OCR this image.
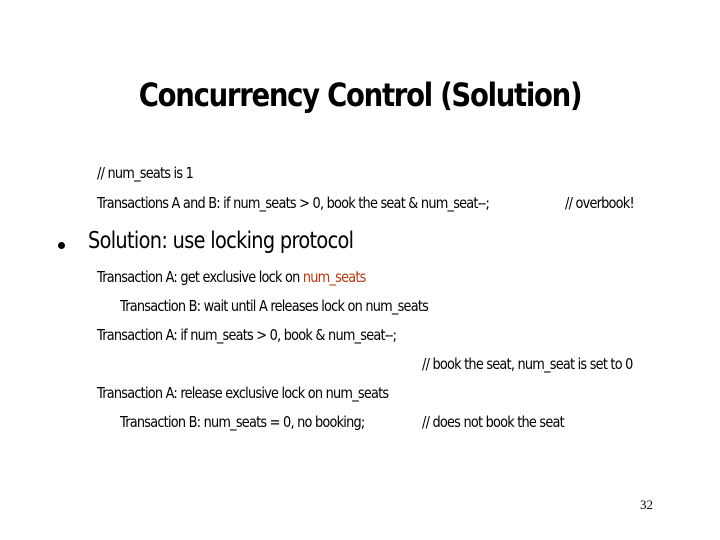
Concurrency Control (Solution)
// num_seats is 1
Transactions A and B: if num_seats > 0, book the seat & num_seat--;	// overbook!
Solution: use locking protocol
Transaction A: get exclusive lock on num_seats
Transaction B: wait until A releases lock on num_seats
Transaction A: if num_seats > 0, book & num_seat--;
// book the seat, num_seat is set to 0
Transaction A: release exclusive lock on num_seats
Transaction B: num_seats = 0, no booking;	// does not book the seat
32
